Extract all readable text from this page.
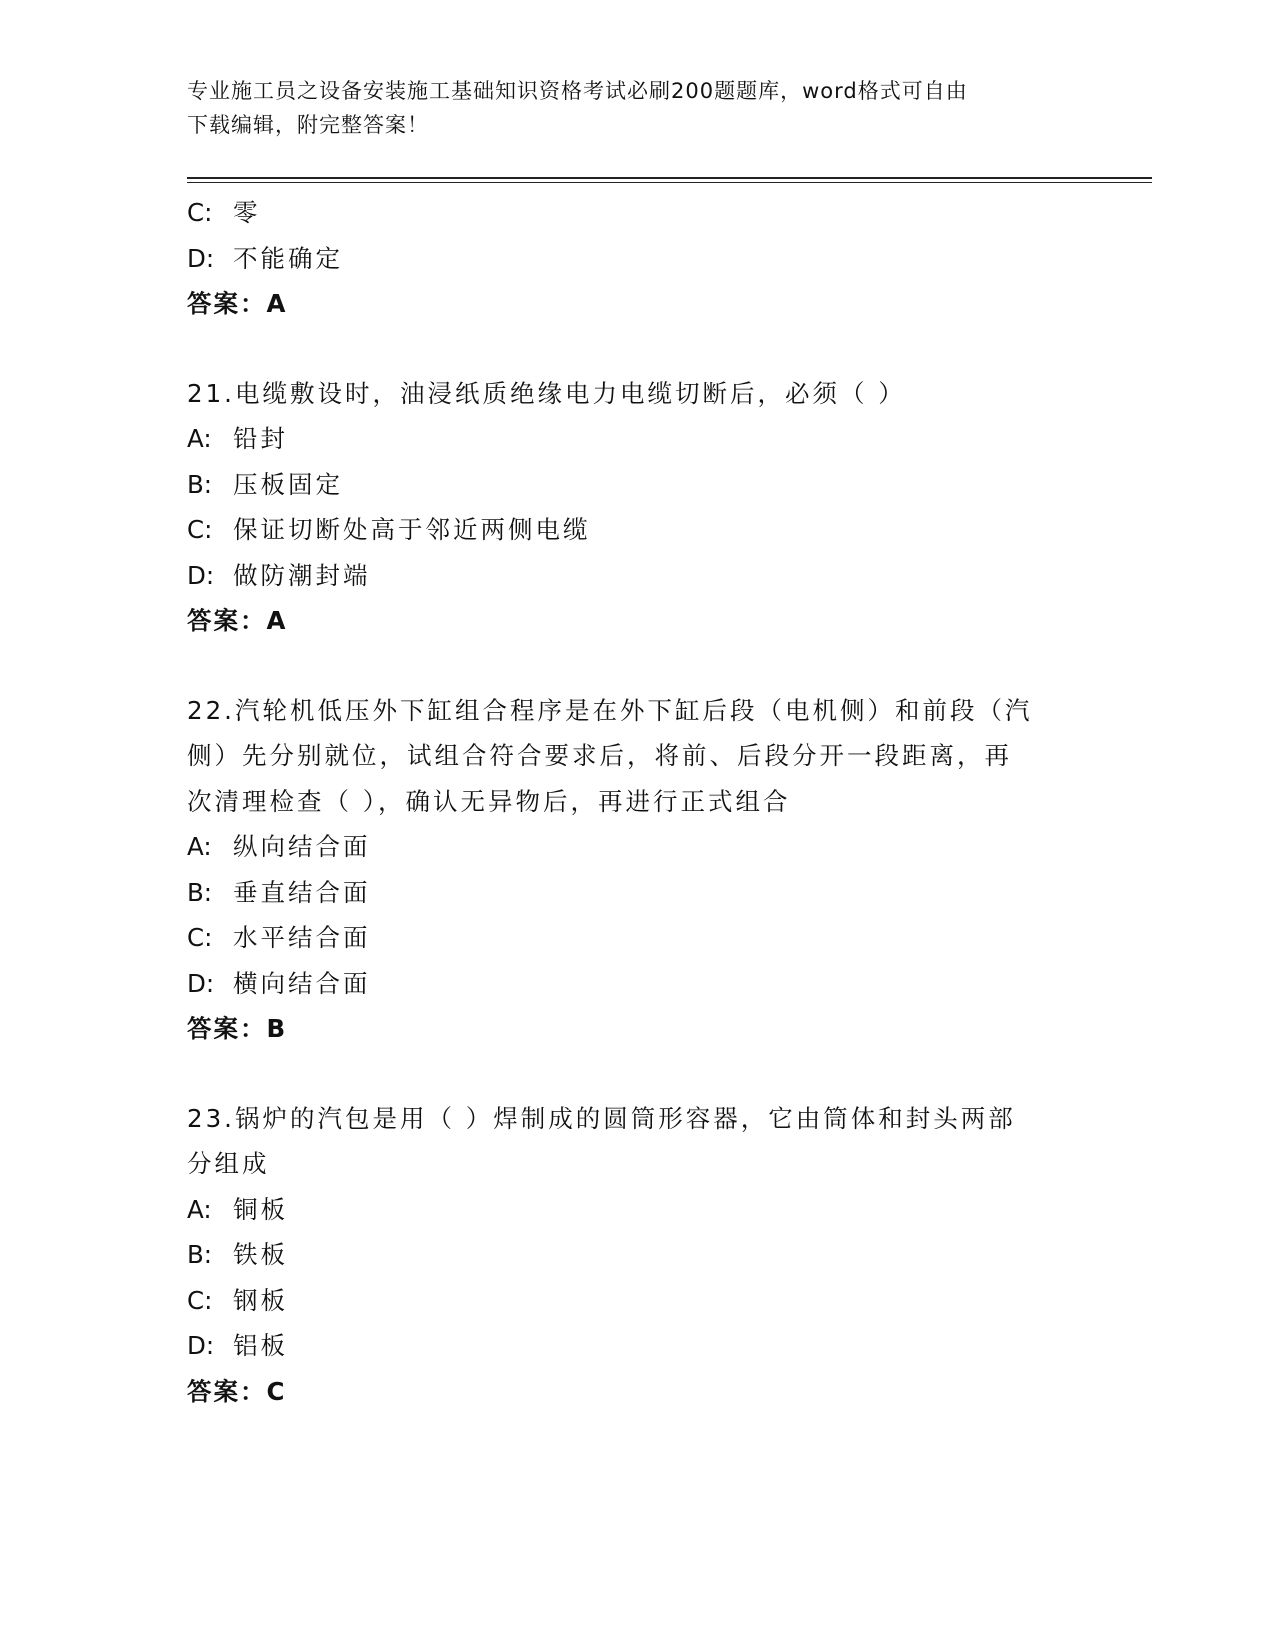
专业施工员之设备安装施工基础知识资格考试必刷200题题库，word格式可自由
下载编辑，附完整答案！
C: 零
D: 不能确定
答案：A
21.电缆敷设时，油浸纸质绝缘电力电缆切断后，必须（ ）
A: 铅封
B: 压板固定
C: 保证切断处高于邻近两侧电缆
D: 做防潮封端
答案：A
22.汽轮机低压外下缸组合程序是在外下缸后段（电机侧）和前段（汽
侧）先分别就位，试组合符合要求后，将前、后段分开一段距离，再
次清理检查（ ），确认无异物后，再进行正式组合
A: 纵向结合面
B: 垂直结合面
C: 水平结合面
D: 横向结合面
答案：B
23.锅炉的汽包是用（ ）焊制成的圆筒形容器，它由筒体和封头两部
分组成
A: 铜板
B: 铁板
C: 钢板
D: 铝板
答案：C
